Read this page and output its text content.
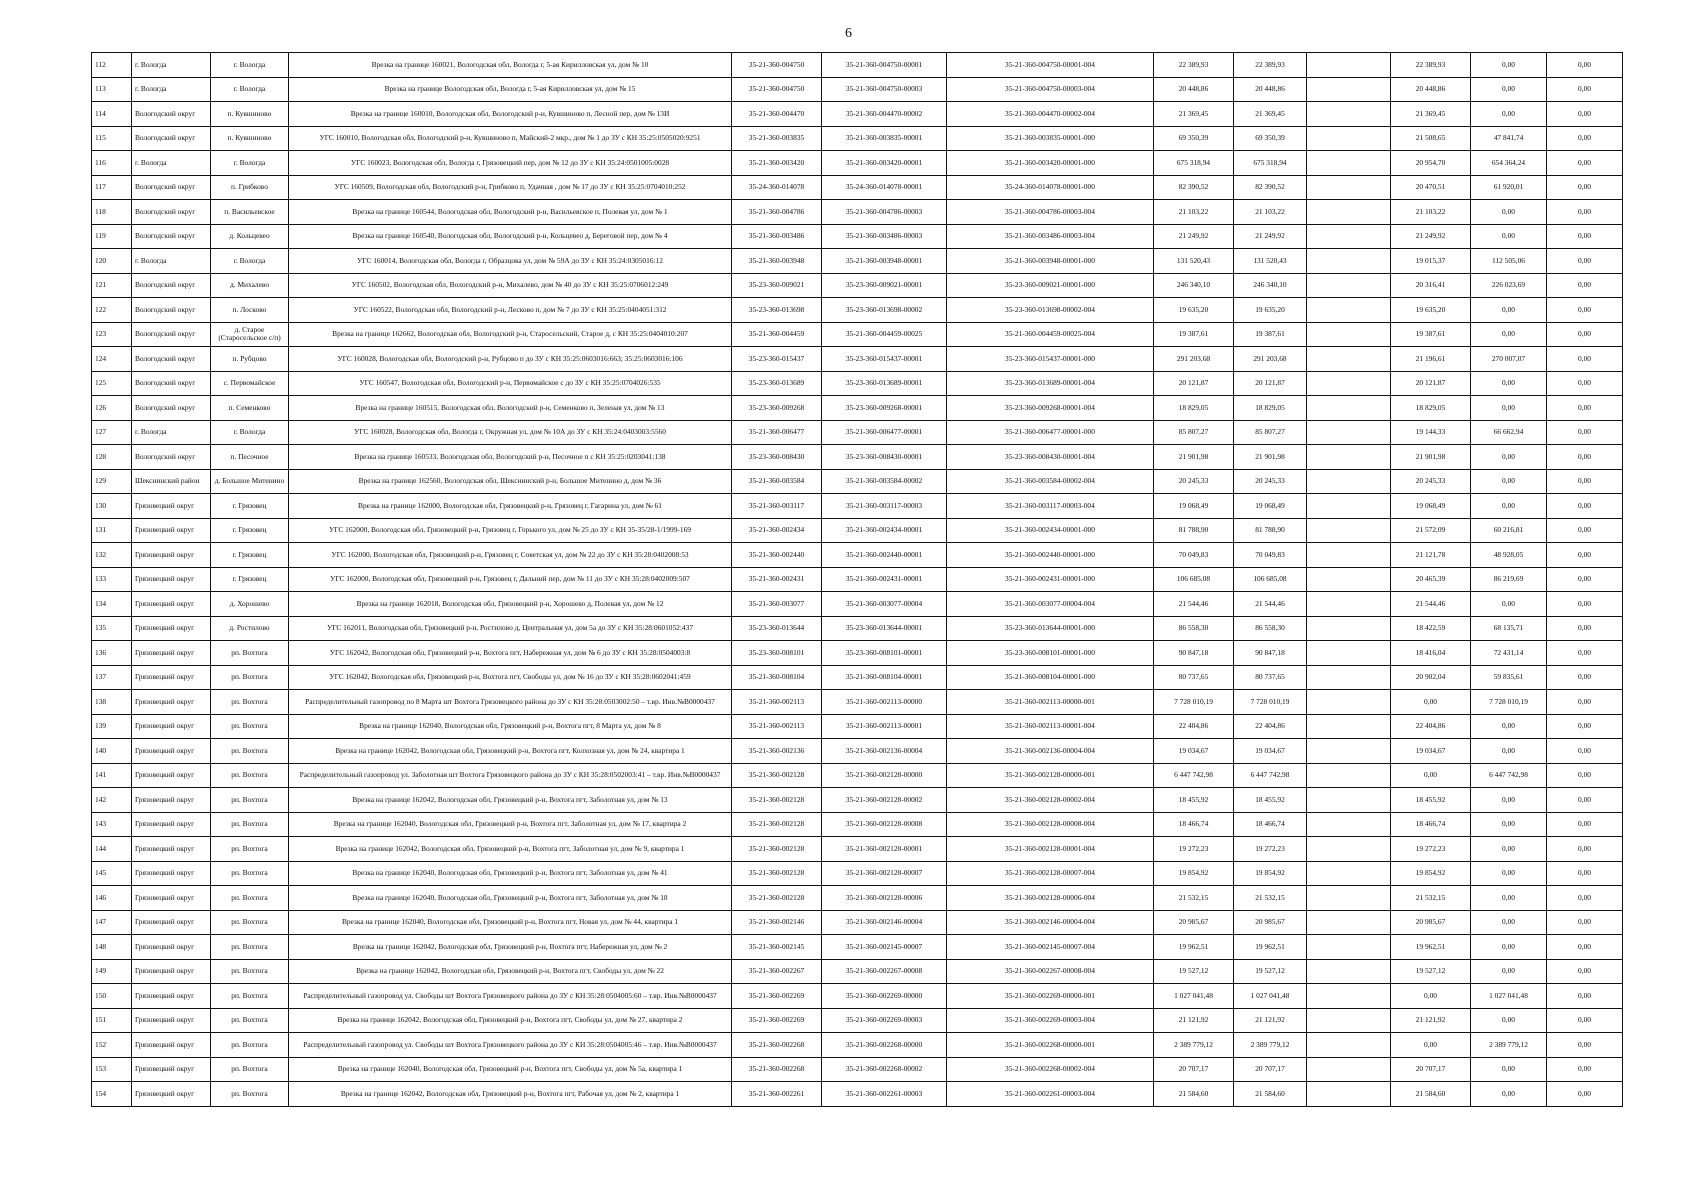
6
112	г. Вологда	г. Вологда	Врезка на границе 160021, Вологодская обл, Вологда г, 5-ая Кирилловская ул, дом № 10	35-21-360-004750	35-21-360-004750-00001	35-21-360-004750-00001-004	22 389,93	22 389,93		22 389,93	0,00	0,00
113	г. Вологда	г. Вологда	Врезка на границе Вологодская обл, Вологда г, 5-ая Кирилловская ул, дом № 15	35-21-360-004750	35-21-360-004750-00003	35-21-360-004750-00003-004	20 448,86	20 448,86		20 448,86	0,00	0,00
114	Вологодский округ	п. Кувшиново	Врезка на границе 160010, Вологодская обл, Вологодский р-н, Кувшиново п, Лесной пер, дом № 13И	35-21-360-004470	35-21-360-004470-00002	35-21-360-004470-00002-004	21 369,45	21 369,45		21 369,45	0,00	0,00
115	Вологодский округ	п. Кувшиново	УГС 160010, Вологодская обл, Вологодский р-н, Кувшиново п, Майский-2 мкр., дом № 1 до ЗУ с КН 35:25:0505020:9251	35-21-360-003835	35-21-360-003835-00001	35-21-360-003835-00001-000	69 350,39	69 350,39		21 508,65	47 841,74	0,00
116	г. Вологда	г. Вологда	УГС 160023, Вологодская обл, Вологда г, Грязовецкий пер, дом № 12 до ЗУ с КН 35:24:0501005:0028	35-21-360-003420	35-21-360-003420-00001	35-21-360-003420-00001-000	675 318,94	675 318,94		20 954,70	654 364,24	0,00
117	Вологодский округ	п. Грибково	УГС 160509, Вологодская обл, Вологодский р-н, Грибково п, Удачная , дом № 17 до ЗУ с КН 35:25:0704010:252	35-24-360-014078	35-24-360-014078-00001	35-24-360-014078-00001-000	82 390,52	82 390,52		20 470,51	61 920,01	0,00
118	Вологодский округ	п. Васильевское	Врезка на границе 160544, Вологодская обл, Вологодский р-н, Васильевское п, Полевая ул, дом № 1	35-21-360-004786	35-21-360-004786-00003	35-21-360-004786-00003-004	21 103,22	21 103,22		21 103,22	0,00	0,00
119	Вологодский округ	д. Кольцевео	Врезка на границе 160540, Вологодская обл, Вологодский р-н, Кольцевео д, Береговой пер, дом № 4	35-21-360-003486	35-21-360-003486-00003	35-21-360-003486-00003-004	21 249,92	21 249,92		21 249,92	0,00	0,00
120	г. Вологда	г. Вологда	УГС 160014, Вологодская обл, Вологда г, Образцова ул, дом № 59А до ЗУ с КН 35:24:0305016:12	35-21-360-003948	35-21-360-003948-00001	35-21-360-003948-00001-000	131 520,43	131 520,43		19 015,37	112 505,06	0,00
121	Вологодский округ	д. Михалево	УГС 160502, Вологодская обл, Вологодский р-н, Михалево, дом № 40 до ЗУ с КН 35:25:0706012:249	35-23-360-009021	35-23-360-009021-00001	35-23-360-009021-00001-000	246 340,10	246 340,10		20 316,41	226 023,69	0,00
122	Вологодский округ	п. Лосково	УГС 160522, Вологодская обл, Вологодский р-н, Лесково п, дом № 7 до ЗУ с КН 35:25:0404051:312	35-23-360-013698	35-23-360-013698-00002	35-23-360-013698-00002-004	19 635,20	19 635,20		19 635,20	0,00	0,00
123	Вологодский округ	д. Старое (Старосельское с/п)	Врезка на границе 162662, Вологодская обл, Вологодский р-н, Старосельский, Старое д, с КН 35:25:0404010:207	35-21-360-004459	35-21-360-004459-00025	35-21-360-004459-00025-004	19 387,61	19 387,61		19 387,61	0,00	0,00
124	Вологодский округ	п. Рубцово	УГС 160028, Вологодская обл, Вологодский р-н, Рубцово п до ЗУ с КН 35:25:0603016:663; 35:25:0603016:106	35-23-360-015437	35-23-360-015437-00001	35-23-360-015437-00001-000	291 203,68	291 203,68		21 196,61	270 007,07	0,00
125	Вологодский округ	с. Первомайское	УГС 160547, Вологодская обл, Вологодский р-н, Первомайское с до ЗУ с КН 35:25:0704026:535	35-23-360-013689	35-23-360-013689-00001	35-23-360-013689-00001-004	20 121,87	20 121,87		20 121,87	0,00	0,00
126	Вологодский округ	п. Семенково	Врезка на границе 160515, Вологодская обл, Вологодский р-н, Семенково п, Зеленая ул, дом № 13	35-23-360-009268	35-23-360-009268-00001	35-23-360-009268-00001-004	18 829,05	18 829,05		18 829,05	0,00	0,00
127	г. Вологда	г. Вологда	УГС 160028, Вологодская обл, Вологда г, Окружная ул, дом № 10А до ЗУ с КН 35:24:0403003:5560	35-21-360-006477	35-21-360-006477-00001	35-21-360-006477-00001-000	85 807,27	85 807,27		19 144,33	66 662,94	0,00
128	Вологодский округ	п. Песочное	Врезка на границе 160533, Вологодская обл, Вологодский р-н, Песочное п с КН 35:25:0203041:138	35-23-360-008430	35-23-360-008430-00001	35-23-360-008430-00001-004	21 901,98	21 901,98		21 901,98	0,00	0,00
129	Шекснинский район	д. Большое Митенино	Врезка на границе 162560, Вологодская обл, Шекснинский р-н, Большое Митенино д, дом № 36	35-21-360-003584	35-21-360-003584-00002	35-21-360-003584-00002-004	20 245,33	20 245,33		20 245,33	0,00	0,00
130	Грязовецкий округ	г. Грязовец	Врезка на границе 162000, Вологодская обл, Грязовецкий р-н, Грязовец г, Гагарина ул, дом № 61	35-21-360-003117	35-21-360-003117-00003	35-21-360-003117-00003-004	19 068,49	19 068,49		19 068,49	0,00	0,00
131	Грязовецкий округ	г. Грязовец	УГС 162000, Вологодская обл, Грязовецкий р-н, Грязовец г, Горького ул, дом № 25 до ЗУ с КН 35-35/28-1/1999-169	35-21-360-002434	35-21-360-002434-00001	35-21-360-002434-00001-000	81 788,90	81 788,90		21 572,09	60 216,81	0,00
132	Грязовецкий округ	г. Грязовец	УГС 162000, Вологодская обл, Грязовецкий р-н, Грязовец г, Советская ул, дом № 22 до ЗУ с КН 35:28:0402008:53	35-21-360-002440	35-21-360-002440-00001	35-21-360-002440-00001-000	70 049,83	70 049,83		21 121,78	48 928,05	0,00
133	Грязовецкий округ	г. Грязовец	УГС 162000, Вологодская обл, Грязовецкий р-н, Грязовец г, Дальний пер, дом № 11 до ЗУ с КН 35:28:0402009:507	35-21-360-002431	35-21-360-002431-00001	35-21-360-002431-00001-000	106 685,08	106 685,08		20 465,39	86 219,69	0,00
134	Грязовецкий округ	д. Хорошево	Врезка на границе 162018, Вологодская обл, Грязовецкий р-н, Хорошево д, Полевая ул, дом № 12	35-21-360-003077	35-21-360-003077-00004	35-21-360-003077-00004-004	21 544,46	21 544,46		21 544,46	0,00	0,00
135	Грязовецкий округ	д. Ростилово	УГС 162011, Вологодская обл, Грязовецкий р-н, Ростилово д, Центральная ул, дом 5а до ЗУ с КН 35:28:0601052:437	35-23-360-013644	35-23-360-013644-00001	35-23-360-013644-00001-000	86 558,30	86 558,30		18 422,59	68 135,71	0,00
136	Грязовецкий округ	рп. Вохтога	УГС 162042, Вологодская обл, Грязовецкий р-н, Вохтога пгт, Набережная ул, дом № 6 до ЗУ с КН 35:28:0504003:8	35-23-360-008101	35-23-360-008101-00001	35-23-360-008101-00001-000	90 847,18	90 847,18		18 416,04	72 431,14	0,00
137	Грязовецкий округ	рп. Вохтога	УГС 162042, Вологодская обл, Грязовецкий р-н, Вохтога пгт, Свободы ул, дом № 16 до ЗУ с КН 35:28:0602041:459	35-21-360-008104	35-21-360-008104-00001	35-21-360-008104-00001-000	80 737,65	80 737,65		20 902,04	59 835,61	0,00
138	Грязовецкий округ	рп. Вохтога	Распределительный газопровод по 8 Марта шт Вохтога Грязовецкого района до ЗУ с КН 35:28:0503002:50 – т.вр. Инв.№В0000437	35-21-360-002113	35-21-360-002113-00000	35-21-360-002113-00000-001	7 728 010,19	7 728 010,19		0,00	7 728 010,19	0,00
139	Грязовецкий округ	рп. Вохтога	Врезка на границе 162040, Вологодская обл, Грязовецкий р-н, Вохтога пгт, 8 Марта ул, дом № 8	35-21-360-002113	35-21-360-002113-00001	35-21-360-002113-00001-004	22 404,86	22 404,86		22 404,86	0,00	0,00
140	Грязовецкий округ	рп. Вохтога	Врезка на границе 162042, Вологодская обл, Грязовецкий р-н, Вохтога пгт, Колхозная ул, дом № 24, квартира 1	35-21-360-002136	35-21-360-002136-00004	35-21-360-002136-00004-004	19 034,67	19 034,67		19 034,67	0,00	0,00
141	Грязовецкий округ	рп. Вохтога	Распределительный газопровод ул. Заболотная шт Вохтога Грязовецкого района до ЗУ с КН 35:28:0502003:41 – т.вр. Инв.№В0000437	35-21-360-002128	35-21-360-002128-00000	35-21-360-002128-00000-001	6 447 742,98	6 447 742,98		0,00	6 447 742,98	0,00
142	Грязовецкий округ	рп. Вохтога	Врезка на границе 162042, Вологодская обл, Грязовецкий р-н, Вохтога пгт, Заболотная ул, дом № 13	35-21-360-002128	35-21-360-002128-00002	35-21-360-002128-00002-004	18 455,92	18 455,92		18 455,92	0,00	0,00
143	Грязовецкий округ	рп. Вохтога	Врезка на границе 162040, Вологодская обл, Грязовецкий р-н, Вохтога пгт, Заболотная ул, дом № 17, квартира 2	35-21-360-002128	35-21-360-002128-00008	35-21-360-002128-00008-004	18 466,74	18 466,74		18 466,74	0,00	0,00
144	Грязовецкий округ	рп. Вохтога	Врезка на границе 162042, Вологодская обл, Грязовецкий р-н, Вохтога пгт, Заболотная ул, дом № 9, квартира 1	35-21-360-002128	35-21-360-002128-00001	35-21-360-002128-00001-004	19 272,23	19 272,23		19 272,23	0,00	0,00
145	Грязовецкий округ	рп. Вохтога	Врезка на границе 162040, Вологодская обл, Грязовецкий р-н, Вохтога пгт, Заболотная ул, дом № 41	35-21-360-002128	35-21-360-002128-00007	35-21-360-002128-00007-004	19 854,92	19 854,92		19 854,92	0,00	0,00
146	Грязовецкий округ	рп. Вохтога	Врезка на границе 162040, Вологодская обл, Грязовецкий р-н, Вохтога пгт, Заболотная ул, дом № 18	35-21-360-002128	35-21-360-002128-00006	35-21-360-002128-00006-004	21 532,15	21 532,15		21 532,15	0,00	0,00
147	Грязовецкий округ	рп. Вохтога	Врезка на границе 162040, Вологодская обл, Грязовецкий р-н, Вохтога пгт, Новая ул, дом № 44, квартира 1	35-21-360-002146	35-21-360-002146-00004	35-21-360-002146-00004-004	20 985,67	20 985,67		20 985,67	0,00	0,00
148	Грязовецкий округ	рп. Вохтога	Врезка на границе 162042, Вологодская обл, Грязовецкий р-н, Вохтога пгт, Набережная ул, дом № 2	35-21-360-002145	35-21-360-002145-00007	35-21-360-002145-00007-004	19 962,51	19 962,51		19 962,51	0,00	0,00
149	Грязовецкий округ	рп. Вохтога	Врезка на границе 162042, Вологодская обл, Грязовецкий р-н, Вохтога пгт, Свободы ул, дом № 22	35-21-360-002267	35-21-360-002267-00008	35-21-360-002267-00008-004	19 527,12	19 527,12		19 527,12	0,00	0,00
150	Грязовецкий округ	рп. Вохтога	Распределительный газопровод ул. Свободы шт Вохтога Грязовецкого района до ЗУ с КН 35:28:0504005:60 – т.вр. Инв.№В0000437	35-21-360-002269	35-21-360-002269-00000	35-21-360-002269-00000-001	1 027 041,48	1 027 041,48		0,00	1 027 041,48	0,00
151	Грязовецкий округ	рп. Вохтога	Врезка на границе 162042, Вологодская обл, Грязовецкий р-н, Вохтога пгт, Свободы ул, дом № 27, квартира 2	35-21-360-002269	35-21-360-002269-00003	35-21-360-002269-00003-004	21 121,92	21 121,92		21 121,92	0,00	0,00
152	Грязовецкий округ	рп. Вохтога	Распределительный газопровод ул. Свободы шт Вохтога Грязовецкого района до ЗУ с КН 35:28:0504005:46 – т.вр. Инв.№В0000437	35-21-360-002268	35-21-360-002268-00000	35-21-360-002268-00000-001	2 389 779,12	2 389 779,12		0,00	2 389 779,12	0,00
153	Грязовецкий округ	рп. Вохтога	Врезка на границе 162040, Вологодская обл, Грязовецкий р-н, Вохтога пгт, Свободы ул, дом № 5а, квартира 1	35-21-360-002268	35-21-360-002268-00002	35-21-360-002268-00002-004	20 707,17	20 707,17		20 707,17	0,00	0,00
154	Грязовецкий округ	рп. Вохтога	Врезка на границе 162042, Вологодская обл, Грязовецкий р-н, Вохтога пгт, Рабочая ул, дом № 2, квартира 1	35-21-360-002261	35-21-360-002261-00003	35-21-360-002261-00003-004	21 584,60	21 584,60		21 584,60	0,00	0,00
